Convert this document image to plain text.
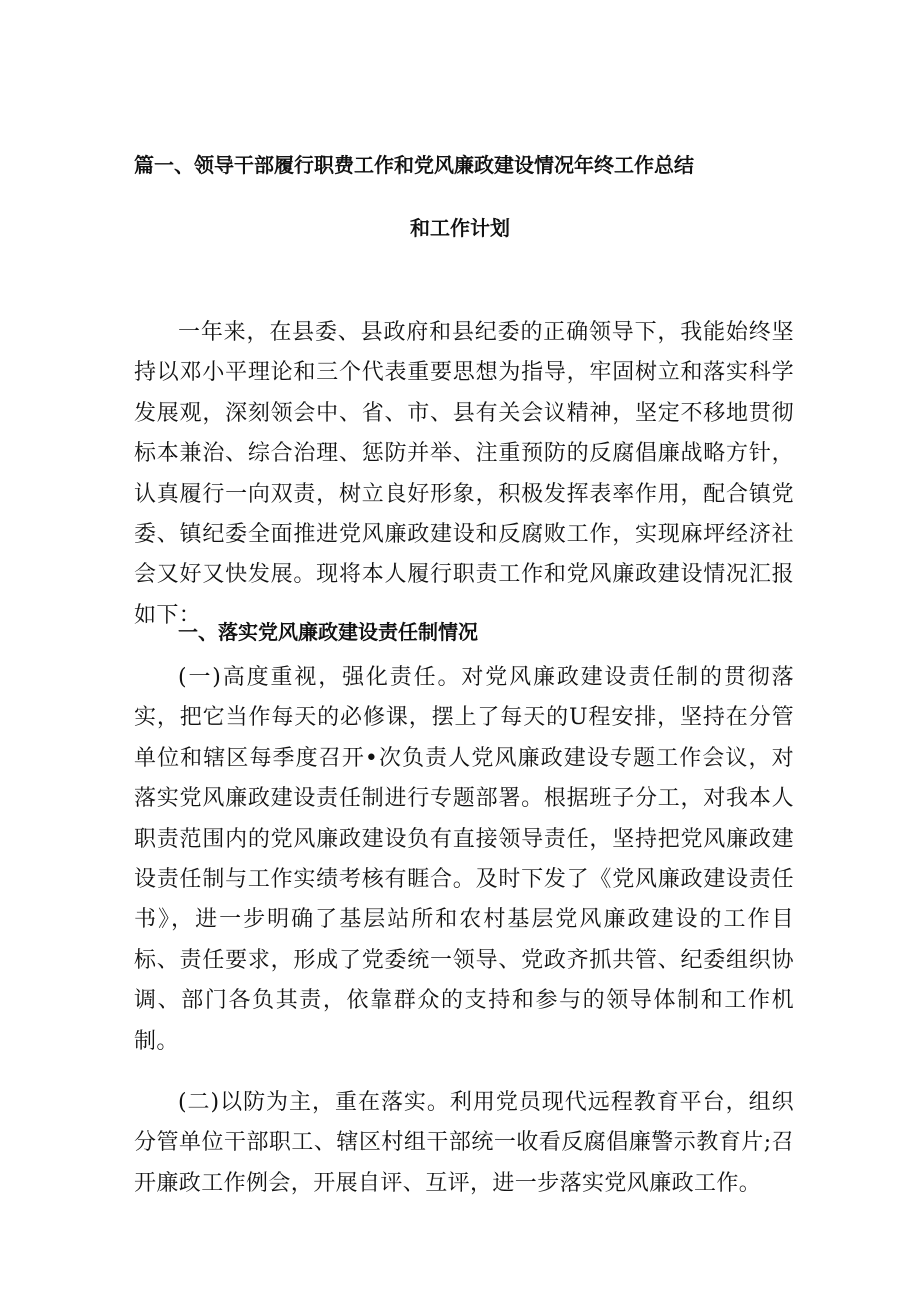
篇一、领导干部履行职费工作和党风廉政建设情况年终工作总结
和工作计划

一年来，在县委、县政府和县纪委的正确领导下，我能始终坚持以邓小平理论和三个代表重要思想为指导，牢固树立和落实科学发展观，深刻领会中、省、市、县有关会议精神，坚定不移地贯彻标本兼治、综合治理、惩防并举、注重预防的反腐倡廉战略方针，认真履行一向双责，树立良好形象，积极发挥表率作用，配合镇党委、镇纪委全面推进党风廉政建设和反腐败工作，实现麻坪经济社会又好又快发展。现将本人履行职责工作和党风廉政建设情况汇报如下：

一、落实党风廉政建设责任制情况

(一)高度重视，强化责任。对党风廉政建设责任制的贯彻落实，把它当作每天的必修课，摆上了每天的U程安排，坚持在分管单位和辖区每季度召开•次负责人党风廉政建设专题工作会议，对落实党风廉政建设责任制进行专题部署。根据班子分工，对我本人职责范围内的党风廉政建设负有直接领导责任，坚持把党风廉政建设责任制与工作实绩考核有睚合。及时下发了《党风廉政建设责任书》，进一步明确了基层站所和农村基层党风廉政建设的工作目标、责任要求，形成了党委统一领导、党政齐抓共管、纪委组织协调、部门各负其责，依靠群众的支持和参与的领导体制和工作机制。

(二)以防为主，重在落实。利用党员现代远程教育平台，组织分管单位干部职工、辖区村组干部统一收看反腐倡廉警示教育片;召开廉政工作例会，开展自评、互评，进一步落实党风廉政工作。
